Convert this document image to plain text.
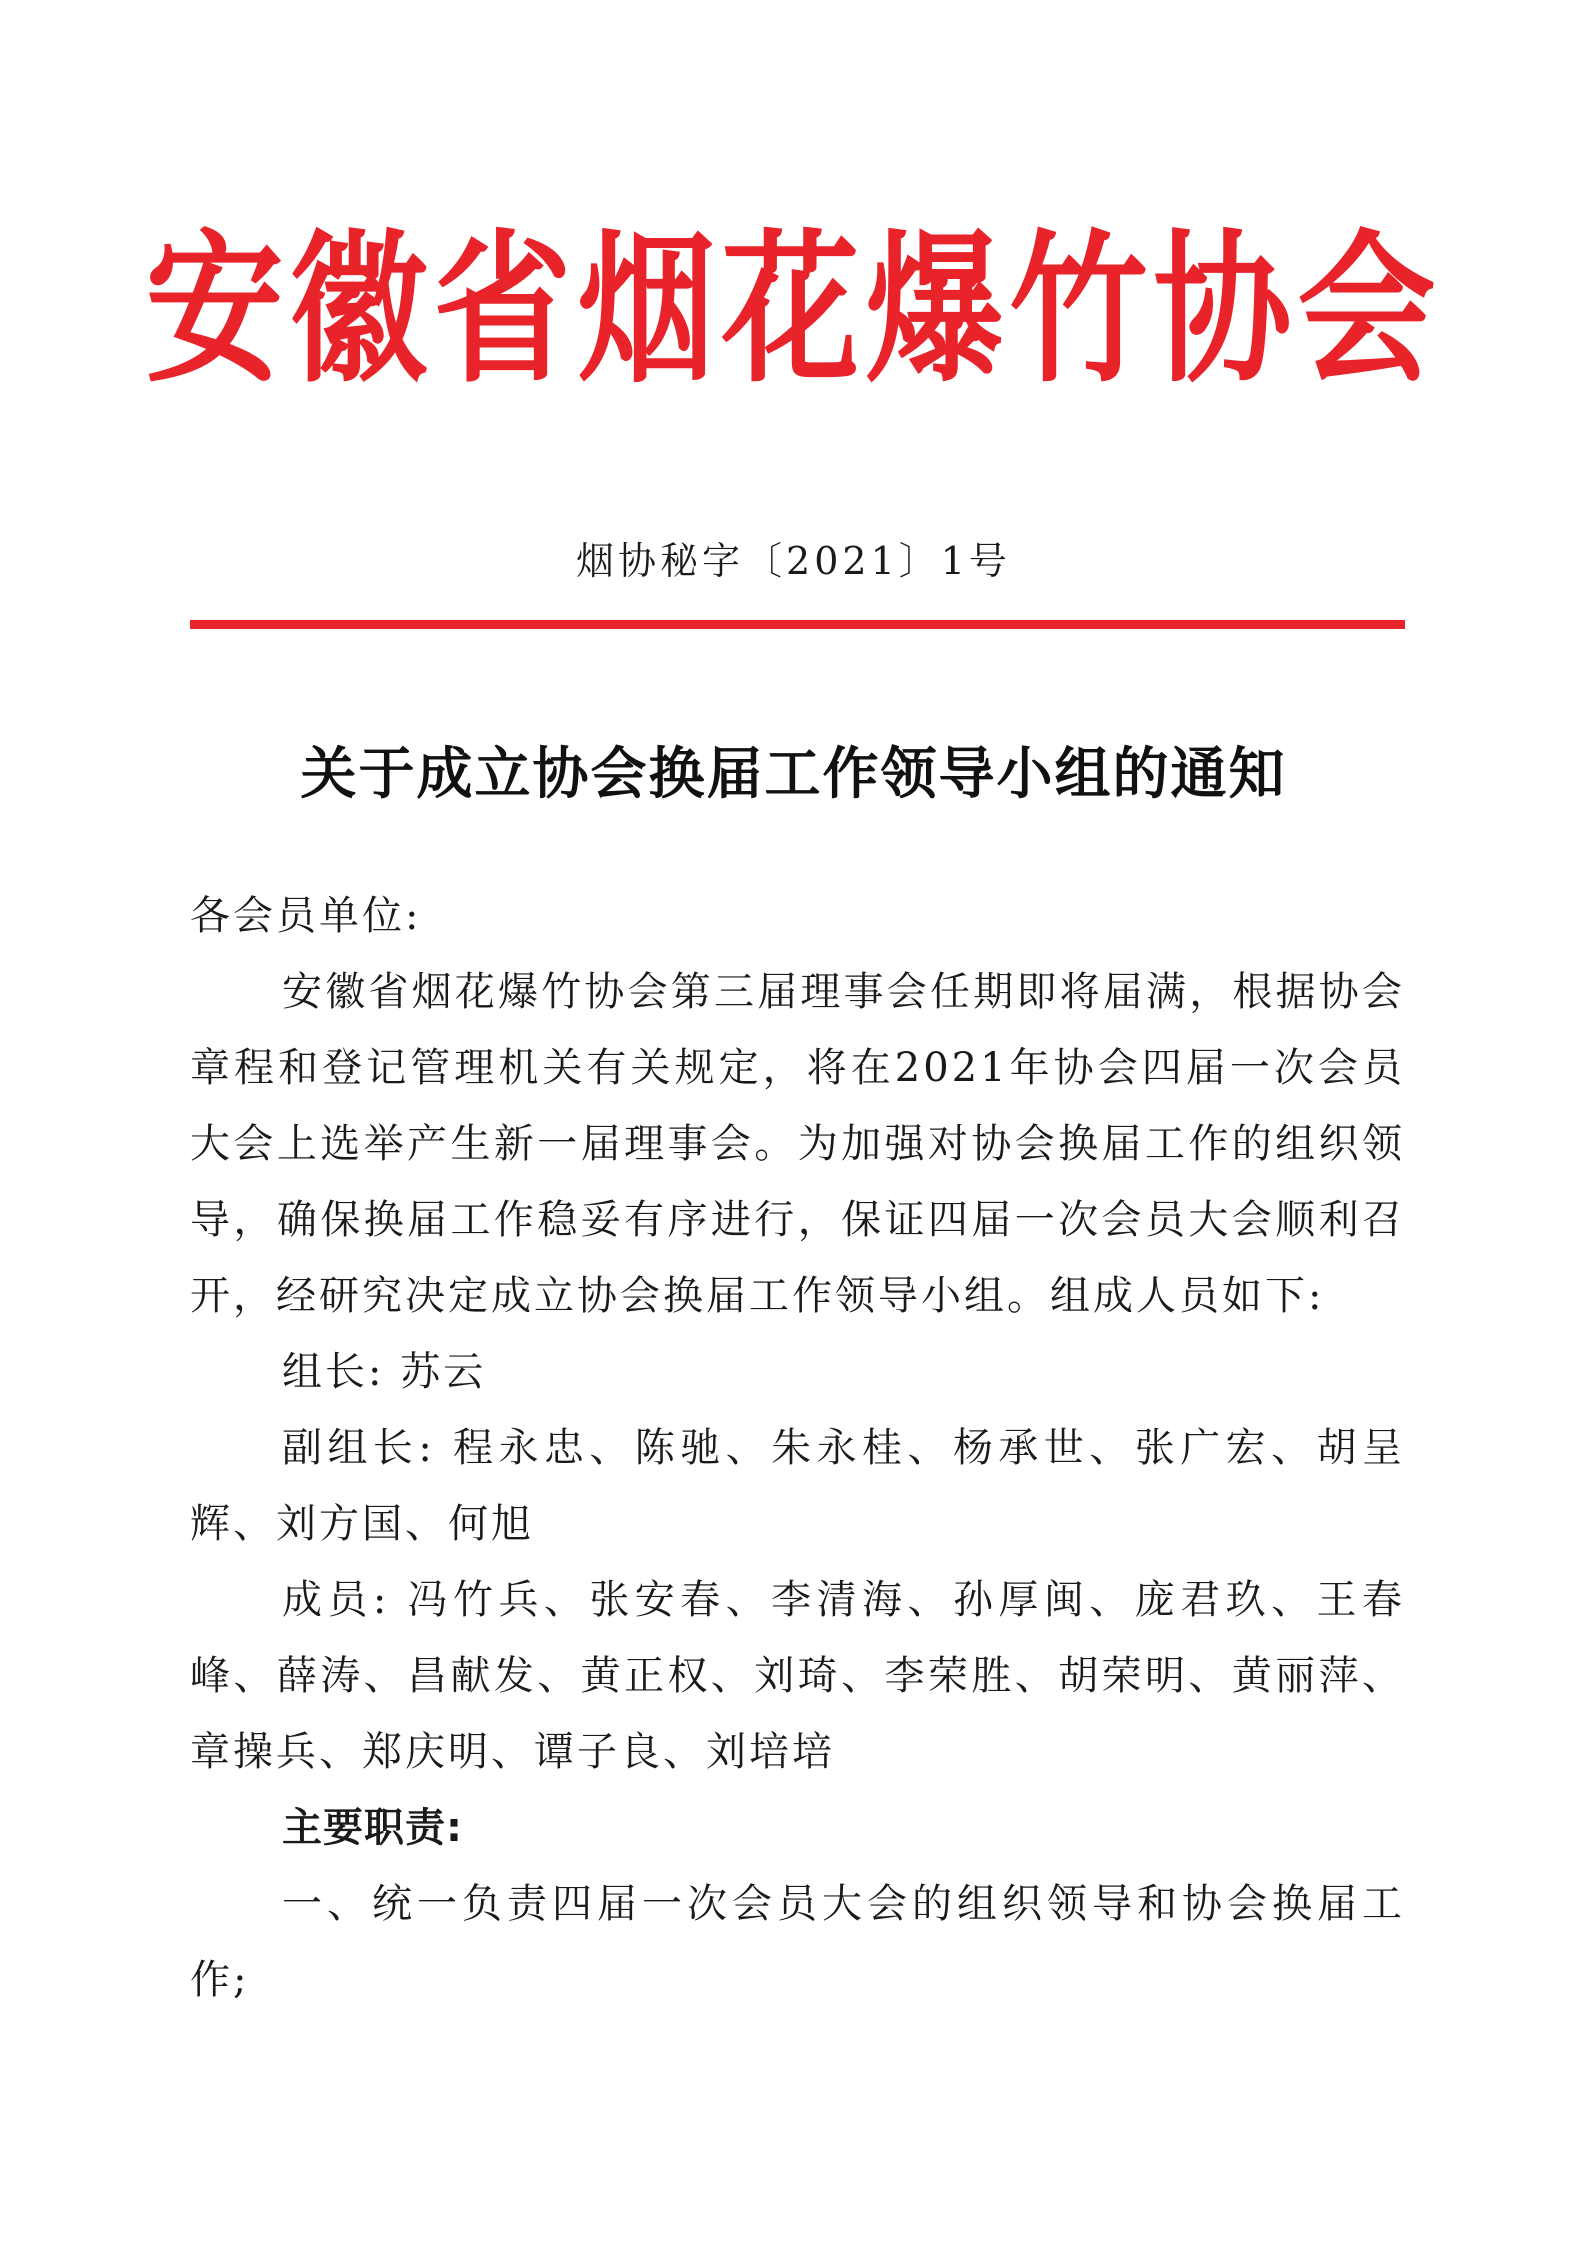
安徽省烟花爆竹协会
烟协秘字〔2021〕1号
关于成立协会换届工作领导小组的通知

各会员单位:

安徽省烟花爆竹协会第三届理事会任期即将届满，根据协会章程和登记管理机关有关规定，将在2021年协会四届一次会员大会上选举产生新一届理事会。为加强对协会换届工作的组织领导，确保换届工作稳妥有序进行，保证四届一次会员大会顺利召开，经研究决定成立协会换届工作领导小组。组成人员如下:

组长: 苏云

副组长: 程永忠、陈驰、朱永桂、杨承世、张广宏、胡呈辉、刘方国、何旭

成员: 冯竹兵、张安春、李清海、孙厚闽、庞君玖、王春峰、薛涛、昌献发、黄正权、刘琦、李荣胜、胡荣明、黄丽萍、章操兵、郑庆明、谭子良、刘培培

主要职责:

一、统一负责四届一次会员大会的组织领导和协会换届工作;
